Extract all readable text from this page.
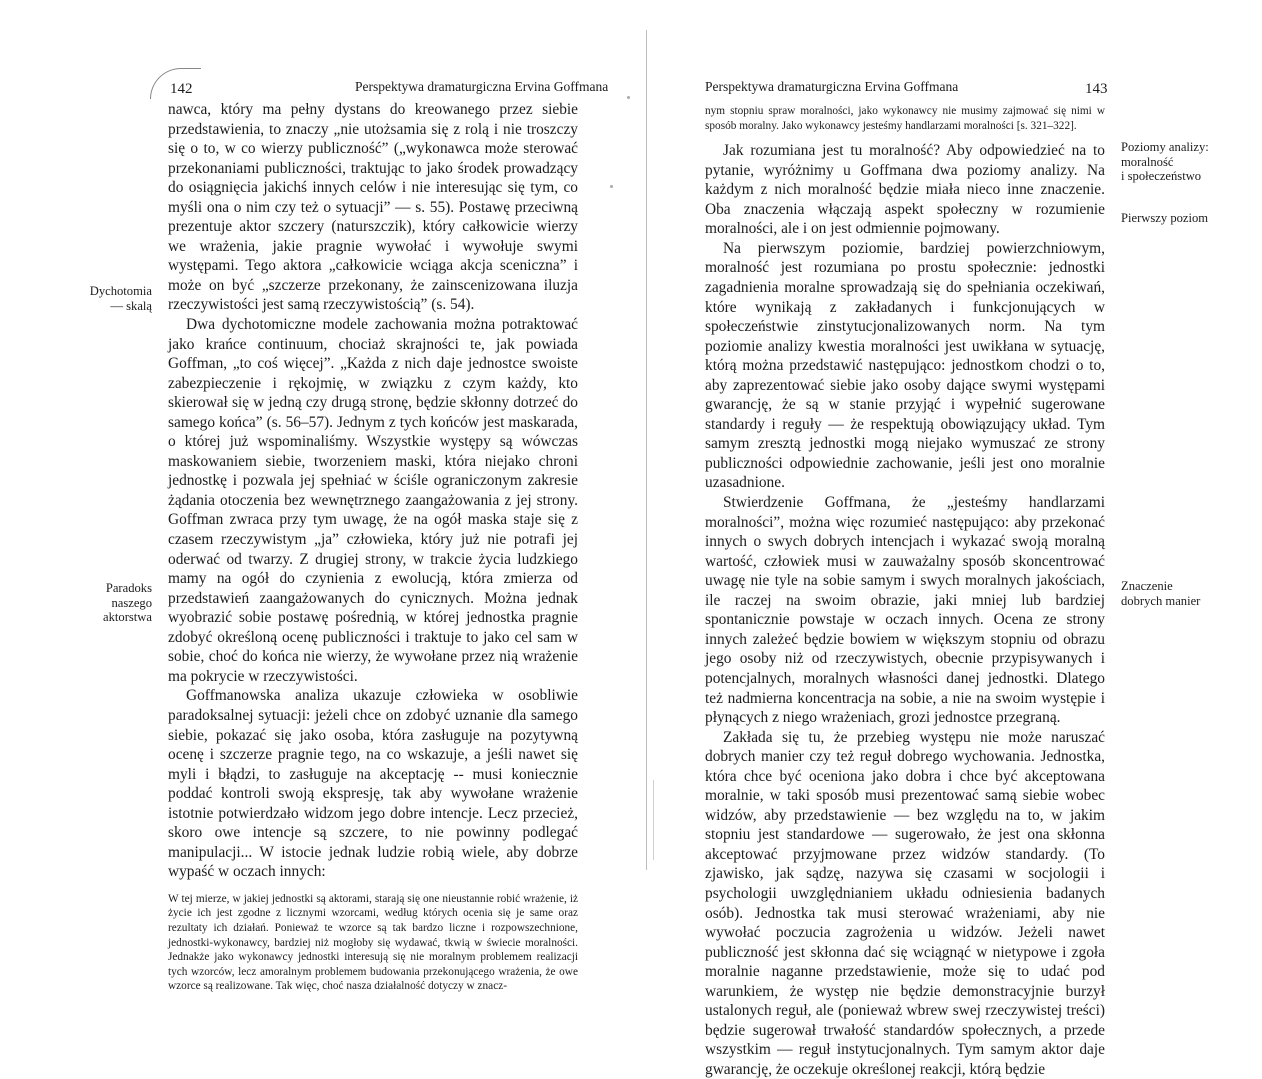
142	Perspektywa dramaturgiczna Ervina Goffmana
Dychotomia
— skalą
Paradoks
naszego
aktorstwa

nawca, który ma pełny dystans do kreowanego przez siebie przedstawienia, to znaczy „nie utożsamia się z rolą i nie troszczy się o to, w co wierzy publiczność” („wykonawca może sterować przekonaniami publiczności, traktując to jako środek prowadzący do osiągnięcia jakichś innych celów i nie interesując się tym, co myśli ona o nim czy też o sytuacji” — s. 55). Postawę przeciwną prezentuje aktor szczery (naturszczik), który całkowicie wierzy we wrażenia, jakie pragnie wywołać i wywołuje swymi występami. Tego aktora „całkowicie wciąga akcja sceniczna” i może on być „szczerze przekonany, że zainscenizowana iluzja rzeczywistości jest samą rzeczywistością” (s. 54).

Dwa dychotomiczne modele zachowania można potraktować jako krańce continuum, chociaż skrajności te, jak powiada Goffman, „to coś więcej”. „Każda z nich daje jednostce swoiste zabezpieczenie i rękojmię, w związku z czym każdy, kto skierował się w jedną czy drugą stronę, będzie skłonny dotrzeć do samego końca” (s. 56–57). Jednym z tych końców jest maskarada, o której już wspominaliśmy. Wszystkie występy są wówczas maskowaniem siebie, tworzeniem maski, która niejako chroni jednostkę i pozwala jej spełniać w ściśle ograniczonym zakresie żądania otoczenia bez wewnętrznego zaangażowania z jej strony. Goffman zwraca przy tym uwagę, że na ogół maska staje się z czasem rzeczywistym „ja” człowieka, który już nie potrafi jej oderwać od twarzy. Z drugiej strony, w trakcie życia ludzkiego mamy na ogół do czynienia z ewolucją, która zmierza od przedstawień zaangażowanych do cynicznych. Można jednak wyobrazić sobie postawę pośrednią, w której jednostka pragnie zdobyć określoną ocenę publiczności i traktuje to jako cel sam w sobie, choć do końca nie wierzy, że wywołane przez nią wrażenie ma pokrycie w rzeczywistości.

Goffmanowska analiza ukazuje człowieka w osobliwie paradoksalnej sytuacji: jeżeli chce on zdobyć uznanie dla samego siebie, pokazać się jako osoba, która zasługuje na pozytywną ocenę i szczerze pragnie tego, na co wskazuje, a jeśli nawet się myli i błądzi, to zasługuje na akceptację -- musi koniecznie poddać kontroli swoją ekspresję, tak aby wywołane wrażenie istotnie potwierdzało widzom jego dobre intencje. Lecz przecież, skoro owe intencje są szczere, to nie powinny podlegać manipulacji... W istocie jednak ludzie robią wiele, aby dobrze wypaść w oczach innych:

W tej mierze, w jakiej jednostki są aktorami, starają się one nieustannie robić wrażenie, iż życie ich jest zgodne z licznymi wzorcami, według których ocenia się je same oraz rezultaty ich działań. Ponieważ te wzorce są tak bardzo liczne i rozpowszechnione, jednostki-wykonawcy, bardziej niż mogłoby się wydawać, tkwią w świecie moralności. Jednakże jako wykonawcy jednostki interesują się nie moralnym problemem realizacji tych wzorców, lecz amoralnym problemem budowania przekonującego wrażenia, że owe wzorce są realizowane. Tak więc, choć nasza działalność dotyczy w znacz-

Perspektywa dramaturgiczna Ervina Goffmana	143
Poziomy analizy:
moralność
i społeczeństwo
Pierwszy poziom
Znaczenie
dobrych manier

nym stopniu spraw moralności, jako wykonawcy nie musimy zajmować się nimi w sposób moralny. Jako wykonawcy jesteśmy handlarzami moralności [s. 321–322].

Jak rozumiana jest tu moralność? Aby odpowiedzieć na to pytanie, wyróżnimy u Goffmana dwa poziomy analizy. Na każdym z nich moralność będzie miała nieco inne znaczenie. Oba znaczenia włączają aspekt społeczny w rozumienie moralności, ale i on jest odmiennie pojmowany.

Na pierwszym poziomie, bardziej powierzchniowym, moralność jest rozumiana po prostu społecznie: jednostki zagadnienia moralne sprowadzają się do spełniania oczekiwań, które wynikają z zakładanych i funkcjonujących w społeczeństwie zinstytucjonalizowanych norm. Na tym poziomie analizy kwestia moralności jest uwikłana w sytuację, którą można przedstawić następująco: jednostkom chodzi o to, aby zaprezentować siebie jako osoby dające swymi występami gwarancję, że są w stanie przyjąć i wypełnić sugerowane standardy i reguły — że respektują obowiązujący układ. Tym samym zresztą jednostki mogą niejako wymuszać ze strony publiczności odpowiednie zachowanie, jeśli jest ono moralnie uzasadnione.

Stwierdzenie Goffmana, że „jesteśmy handlarzami moralności”, można więc rozumieć następująco: aby przekonać innych o swych dobrych intencjach i wykazać swoją moralną wartość, człowiek musi w zauważalny sposób skoncentrować uwagę nie tyle na sobie samym i swych moralnych jakościach, ile raczej na swoim obrazie, jaki mniej lub bardziej spontanicznie powstaje w oczach innych. Ocena ze strony innych zależeć będzie bowiem w większym stopniu od obrazu jego osoby niż od rzeczywistych, obecnie przypisywanych i potencjalnych, moralnych własności danej jednostki. Dlatego też nadmierna koncentracja na sobie, a nie na swoim występie i płynących z niego wrażeniach, grozi jednostce przegraną.

Zakłada się tu, że przebieg występu nie może naruszać dobrych manier czy też reguł dobrego wychowania. Jednostka, która chce być oceniona jako dobra i chce być akceptowana moralnie, w taki sposób musi prezentować samą siebie wobec widzów, aby przedstawienie — bez względu na to, w jakim stopniu jest standardowe — sugerowało, że jest ona skłonna akceptować przyjmowane przez widzów standardy. (To zjawisko, jak sądzę, nazywa się czasami w socjologii i psychologii uwzględnianiem układu odniesienia badanych osób). Jednostka tak musi sterować wrażeniami, aby nie wywołać poczucia zagrożenia u widzów. Jeżeli nawet publiczność jest skłonna dać się wciągnąć w nietypowe i zgoła moralnie naganne przedstawienie, może się to udać pod warunkiem, że występ nie będzie demonstracyjnie burzył ustalonych reguł, ale (ponieważ wbrew swej rzeczywistej treści) będzie sugerował trwałość standardów społecznych, a przede wszystkim — reguł instytucjonalnych. Tym samym aktor daje gwarancję, że oczekuje określonej reakcji, którą będzie
